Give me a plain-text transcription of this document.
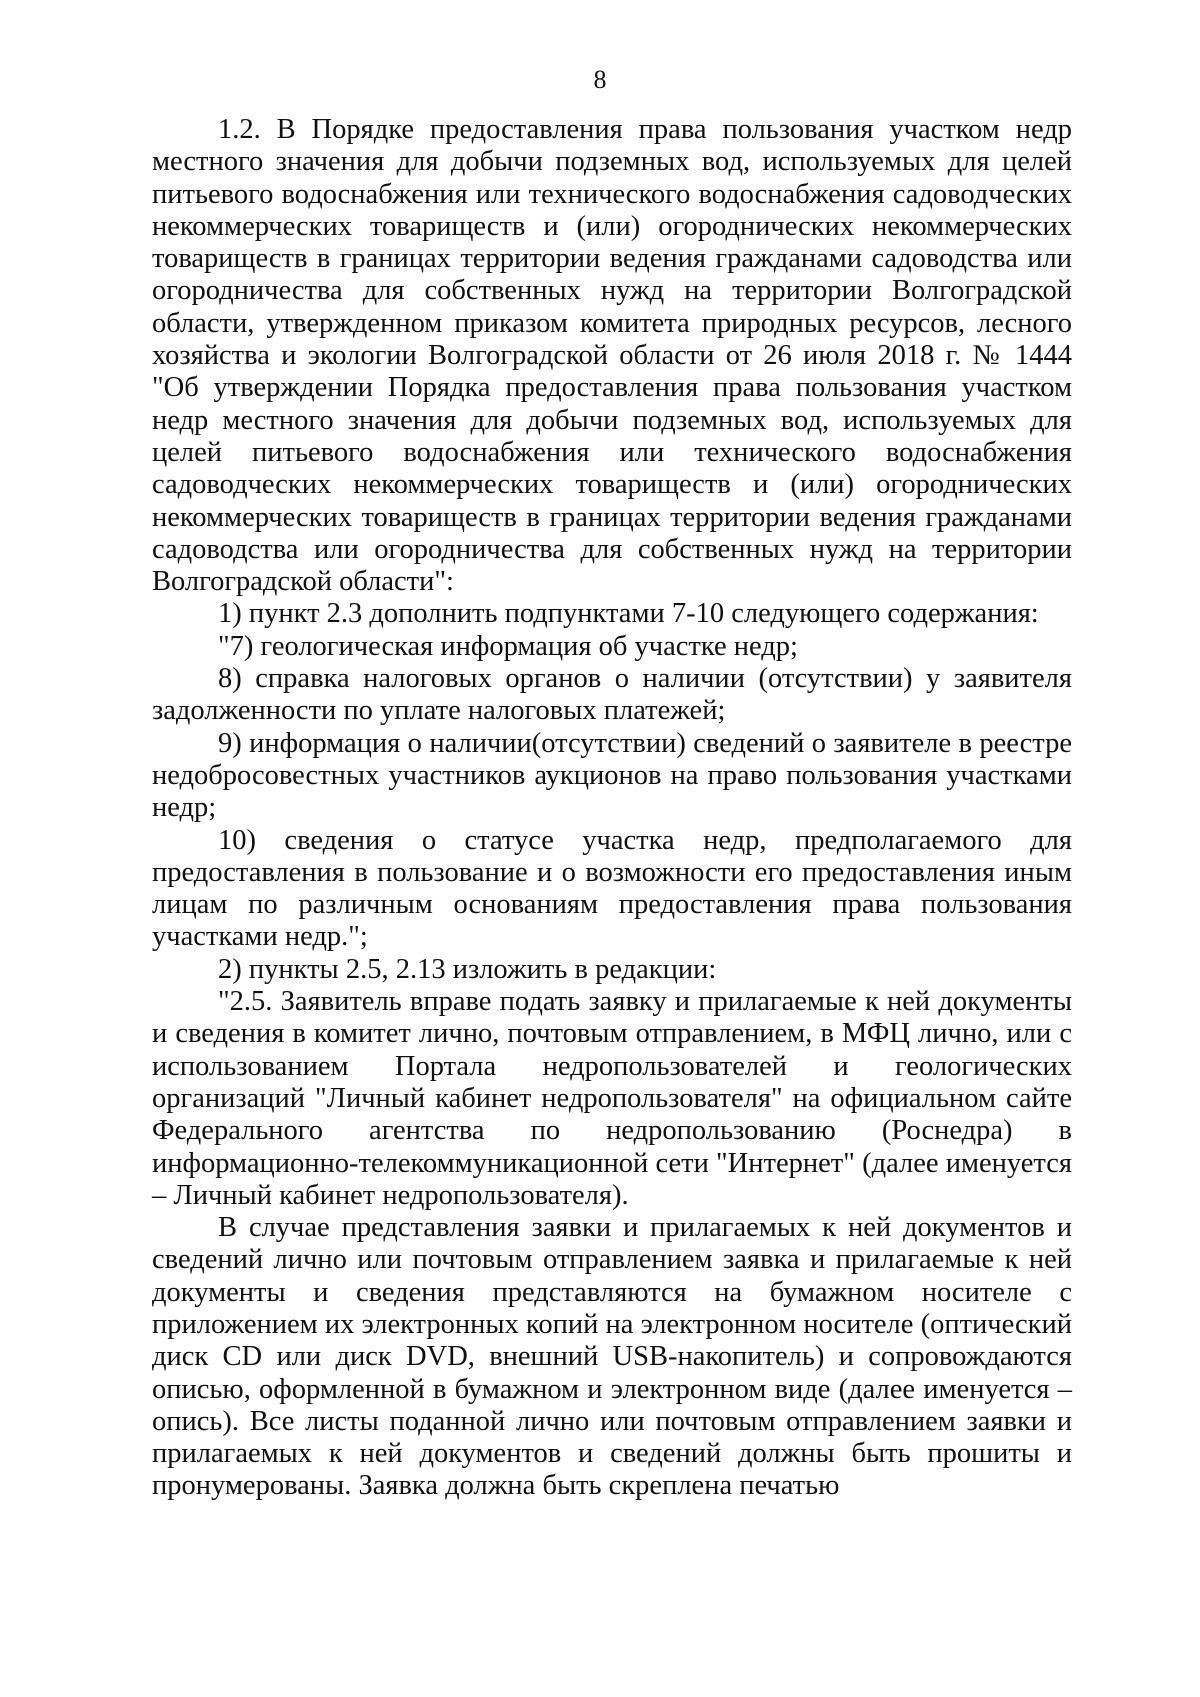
8

1.2. В Порядке предоставления права пользования участком недр местного значения для добычи подземных вод, используемых для целей питьевого водоснабжения или технического водоснабжения садоводческих некоммерческих товариществ и (или) огороднических некоммерческих товариществ в границах территории ведения гражданами садоводства или огородничества для собственных нужд на территории Волгоградской области, утвержденном приказом комитета природных ресурсов, лесного хозяйства и экологии Волгоградской области от 26 июля 2018 г. № 1444 "Об утверждении Порядка предоставления права пользования участком недр местного значения для добычи подземных вод, используемых для целей питьевого водоснабжения или технического водоснабжения садоводческих некоммерческих товариществ и (или) огороднических некоммерческих товариществ в границах территории ведения гражданами садоводства или огородничества для собственных нужд на территории Волгоградской области":

1) пункт 2.3 дополнить подпунктами 7-10 следующего содержания:

"7) геологическая информация об участке недр;

8) справка налоговых органов о наличии (отсутствии) у заявителя задолженности по уплате налоговых платежей;

9) информация о наличии(отсутствии) сведений о заявителе в реестре недобросовестных участников аукционов на право пользования участками недр;

10) сведения о статусе участка недр, предполагаемого для предоставления в пользование и о возможности его предоставления иным лицам по различным основаниям предоставления права пользования участками недр.";

2) пункты 2.5, 2.13 изложить в редакции:

"2.5. Заявитель вправе подать заявку и прилагаемые к ней документы и сведения в комитет лично, почтовым отправлением, в МФЦ лично, или с использованием Портала недропользователей и геологических организаций "Личный кабинет недропользователя" на официальном сайте Федерального агентства по недропользованию (Роснедра) в информационно-телекоммуникационной сети "Интернет" (далее именуется – Личный кабинет недропользователя).

В случае представления заявки и прилагаемых к ней документов и сведений лично или почтовым отправлением заявка и прилагаемые к ней документы и сведения представляются на бумажном носителе с приложением их электронных копий на электронном носителе (оптический диск CD или диск DVD, внешний USB-накопитель) и сопровождаются описью, оформленной в бумажном и электронном виде (далее именуется – опись). Все листы поданной лично или почтовым отправлением заявки и прилагаемых к ней документов и сведений должны быть прошиты и пронумерованы. Заявка должна быть скреплена печатью
